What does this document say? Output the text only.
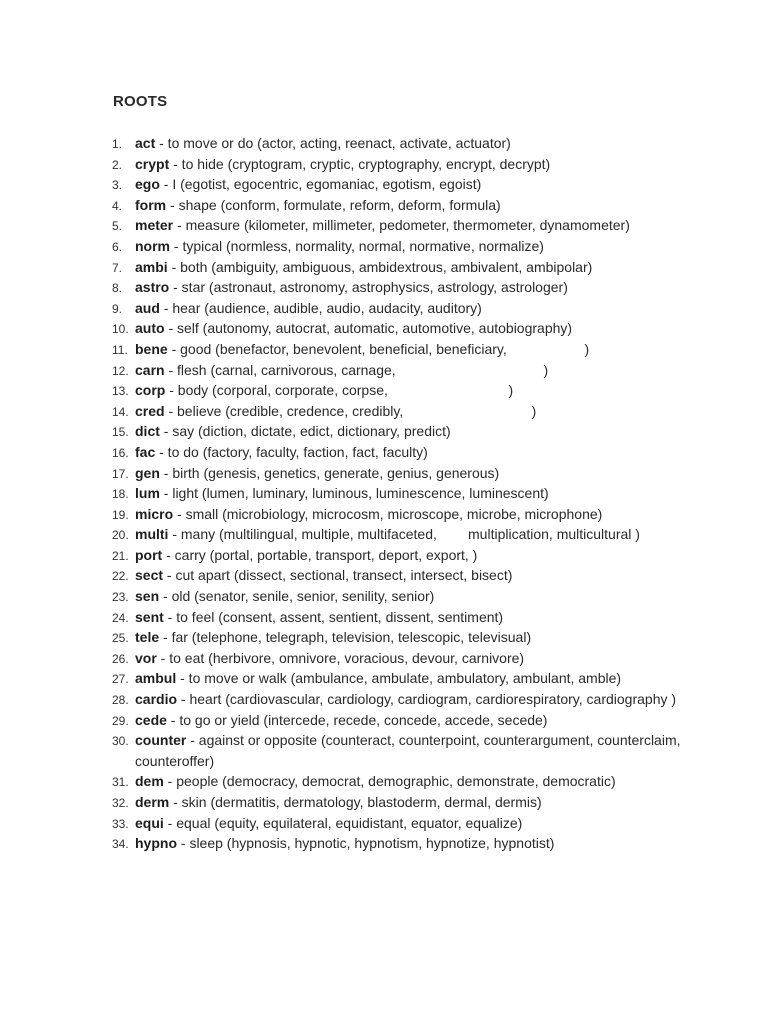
ROOTS
1. act - to move or do (actor, acting, reenact, activate, actuator)
2. crypt - to hide (cryptogram, cryptic, cryptography, encrypt, decrypt)
3. ego - I (egotist, egocentric, egomaniac, egotism, egoist)
4. form - shape (conform, formulate, reform, deform, formula)
5. meter - measure (kilometer, millimeter, pedometer, thermometer, dynamometer)
6. norm - typical (normless, normality, normal, normative, normalize)
7. ambi - both (ambiguity, ambiguous, ambidextrous, ambivalent, ambipolar)
8. astro - star (astronaut, astronomy, astrophysics, astrology, astrologer)
9. aud - hear (audience, audible, audio, audacity, auditory)
10. auto - self (autonomy, autocrat, automatic, automotive, autobiography)
11. bene - good (benefactor, benevolent, beneficial, beneficiary,                    )
12. carn - flesh (carnal, carnivorous, carnage,                                      )
13. corp - body (corporal, corporate, corpse,                               )
14. cred - believe (credible, credence, credibly,                                 )
15. dict - say (diction, dictate, edict, dictionary, predict)
16. fac - to do (factory, faculty, faction, fact, faculty)
17. gen - birth (genesis, genetics, generate, genius, generous)
18. lum - light (lumen, luminary, luminous, luminescence, luminescent)
19. micro - small (microbiology, microcosm, microscope, microbe, microphone)
20. multi - many (multilingual, multiple, multifaceted,        multiplication, multicultural )
21. port - carry (portal, portable, transport, deport, export, )
22. sect - cut apart (dissect, sectional, transect, intersect, bisect)
23. sen - old (senator, senile, senior, senility, senior)
24. sent - to feel (consent, assent, sentient, dissent, sentiment)
25. tele - far (telephone, telegraph, television, telescopic, televisual)
26. vor - to eat (herbivore, omnivore, voracious, devour, carnivore)
27. ambul - to move or walk (ambulance, ambulate, ambulatory, ambulant, amble)
28. cardio - heart (cardiovascular, cardiology, cardiogram, cardiorespiratory, cardiography )
29. cede - to go or yield (intercede, recede, concede, accede, secede)
30. counter - against or opposite (counteract, counterpoint, counterargument, counterclaim, counteroffer)
31. dem - people (democracy, democrat, demographic, demonstrate, democratic)
32. derm - skin (dermatitis, dermatology, blastoderm, dermal, dermis)
33. equi - equal (equity, equilateral, equidistant, equator, equalize)
34. hypno - sleep (hypnosis, hypnotic, hypnotism, hypnotize, hypnotist)
